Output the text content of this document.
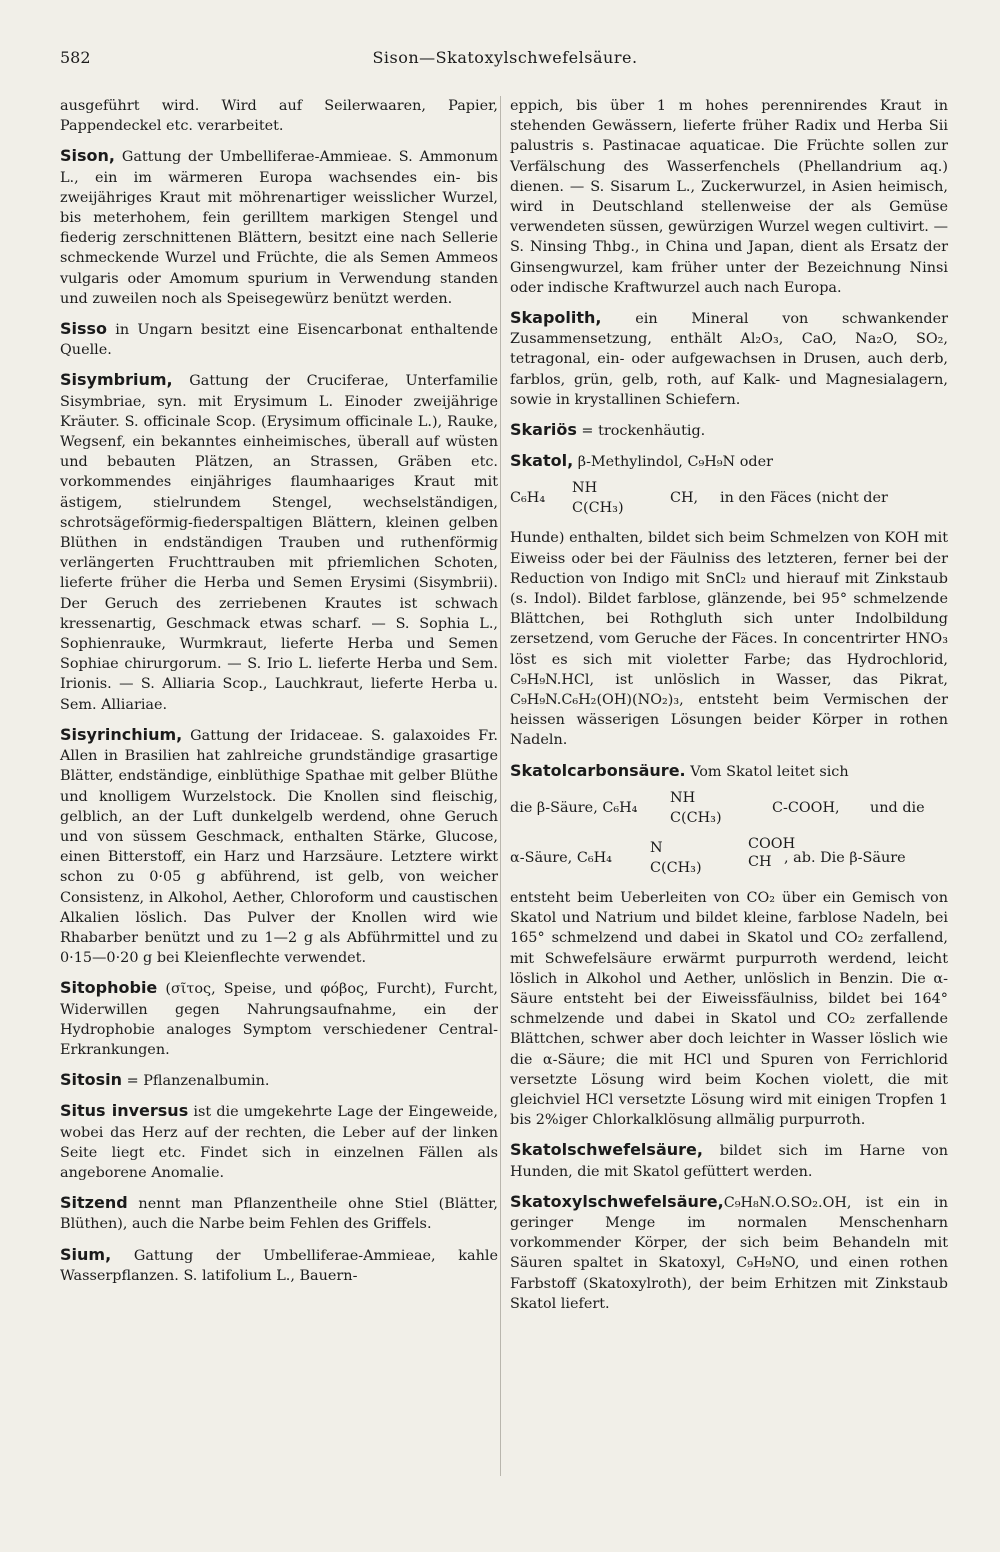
582	Sison—Skatoxylschwefelsäure.

ausgeführt wird. Wird auf Seilerwaaren, Papier, Pappendeckel etc. verarbeitet.

Sison, Gattung der Umbelliferae-Ammieae. S. Ammonum L., ein im wärmeren Europa wachsendes ein- bis zweijähriges Kraut mit möhrenartiger weisslicher Wurzel, bis meterhohem, fein gerilltem markigen Stengel und fiederig zerschnittenen Blättern, besitzt eine nach Sellerie schmeckende Wurzel und Früchte, die als Semen Ammeos vulgaris oder Amomum spurium in Verwendung standen und zuweilen noch als Speisegewürz benützt werden.

Sisso in Ungarn besitzt eine Eisencarbonat enthaltende Quelle.

Sisymbrium, Gattung der Cruciferae, Unterfamilie Sisymbriae, syn. mit Erysimum L. Einoder zweijährige Kräuter. S. officinale Scop. (Erysimum officinale L.), Rauke, Wegsenf, ein bekanntes einheimisches, überall auf wüsten und bebauten Plätzen, an Strassen, Gräben etc. vorkommendes einjähriges flaumhaariges Kraut mit ästigem, stielrundem Stengel, wechselständigen, schrotsägeförmig-fiederspaltigen Blättern, kleinen gelben Blüthen in endständigen Trauben und ruthenförmig verlängerten Fruchttrauben mit pfriemlichen Schoten, lieferte früher die Herba und Semen Erysimi (Sisymbrii). Der Geruch des zerriebenen Krautes ist schwach kressenartig, Geschmack etwas scharf. — S. Sophia L., Sophienrauke, Wurmkraut, lieferte Herba und Semen Sophiae chirurgorum. — S. Irio L. lieferte Herba und Sem. Irionis. — S. Alliaria Scop., Lauchkraut, lieferte Herba u. Sem. Alliariae.

Sisyrinchium, Gattung der Iridaceae. S. galaxoides Fr. Allen in Brasilien hat zahlreiche grundständige grasartige Blätter, endständige, einblüthige Spathae mit gelber Blüthe und knolligem Wurzelstock. Die Knollen sind fleischig, gelblich, an der Luft dunkelgelb werdend, ohne Geruch und von süssem Geschmack, enthalten Stärke, Glucose, einen Bitterstoff, ein Harz und Harzsäure. Letztere wirkt schon zu 0·05 g abführend, ist gelb, von weicher Consistenz, in Alkohol, Aether, Chloroform und caustischen Alkalien löslich. Das Pulver der Knollen wird wie Rhabarber benützt und zu 1—2 g als Abführmittel und zu 0·15—0·20 g bei Kleienflechte verwendet.

Sitophobie (σῖτος, Speise, und φόβος, Furcht), Furcht, Widerwillen gegen Nahrungsaufnahme, ein der Hydrophobie analoges Symptom verschiedener Central-Erkrankungen.

Sitosin = Pflanzenalbumin.

Situs inversus ist die umgekehrte Lage der Eingeweide, wobei das Herz auf der rechten, die Leber auf der linken Seite liegt etc. Findet sich in einzelnen Fällen als angeborene Anomalie.

Sitzend nennt man Pflanzentheile ohne Stiel (Blätter, Blüthen), auch die Narbe beim Fehlen des Griffels.

Sium, Gattung der Umbelliferae-Ammieae, kahle Wasserpflanzen. S. latifolium L., Bauern-

eppich, bis über 1 m hohes perennirendes Kraut in stehenden Gewässern, lieferte früher Radix und Herba Sii palustris s. Pastinacae aquaticae. Die Früchte sollen zur Verfälschung des Wasserfenchels (Phellandrium aq.) dienen. — S. Sisarum L., Zuckerwurzel, in Asien heimisch, wird in Deutschland stellenweise der als Gemüse verwendeten süssen, gewürzigen Wurzel wegen cultivirt. — S. Ninsing Thbg., in China und Japan, dient als Ersatz der Ginsengwurzel, kam früher unter der Bezeichnung Ninsi oder indische Kraftwurzel auch nach Europa.

Skapolith, ein Mineral von schwankender Zusammensetzung, enthält Al₂O₃, CaO, Na₂O, SO₂, tetragonal, ein- oder aufgewachsen in Drusen, auch derb, farblos, grün, gelb, roth, auf Kalk- und Magnesialagern, sowie in krystallinen Schiefern.

Skariös = trockenhäutig.

Skatol, β-Methylindol, C₉H₉N oder

C₆H₄
NH
C(CH₃)
CH, in den Fäces (nicht der

Hunde) enthalten, bildet sich beim Schmelzen von KOH mit Eiweiss oder bei der Fäulniss des letzteren, ferner bei der Reduction von Indigo mit SnCl₂ und hierauf mit Zinkstaub (s. Indol). Bildet farblose, glänzende, bei 95° schmelzende Blättchen, bei Rothgluth sich unter Indolbildung zersetzend, vom Geruche der Fäces. In concentrirter HNO₃ löst es sich mit violetter Farbe; das Hydrochlorid, C₉H₉N.HCl, ist unlöslich in Wasser, das Pikrat, C₉H₉N.C₆H₂(OH)(NO₂)₃, entsteht beim Vermischen der heissen wässerigen Lösungen beider Körper in rothen Nadeln.

Skatolcarbonsäure. Vom Skatol leitet sich

die β-Säure, C₆H₄
NH
C(CH₃)
C-COOH, und die
α-Säure, C₆H₄
N
C(CH₃)
COOH
CH , ab. Die β-Säure

entsteht beim Ueberleiten von CO₂ über ein Gemisch von Skatol und Natrium und bildet kleine, farblose Nadeln, bei 165° schmelzend und dabei in Skatol und CO₂ zerfallend, mit Schwefelsäure erwärmt purpurroth werdend, leicht löslich in Alkohol und Aether, unlöslich in Benzin. Die α-Säure entsteht bei der Eiweissfäulniss, bildet bei 164° schmelzende und dabei in Skatol und CO₂ zerfallende Blättchen, schwer aber doch leichter in Wasser löslich wie die α-Säure; die mit HCl und Spuren von Ferrichlorid versetzte Lösung wird beim Kochen violett, die mit gleichviel HCl versetzte Lösung wird mit einigen Tropfen 1 bis 2%iger Chlorkalklösung allmälig purpurroth.

Skatolschwefelsäure, bildet sich im Harne von Hunden, die mit Skatol gefüttert werden.

Skatoxylschwefelsäure,C₉H₈N.O.SO₂.OH, ist ein in geringer Menge im normalen Menschenharn vorkommender Körper, der sich beim Behandeln mit Säuren spaltet in Skatoxyl, C₉H₉NO, und einen rothen Farbstoff (Skatoxylroth), der beim Erhitzen mit Zinkstaub Skatol liefert.
